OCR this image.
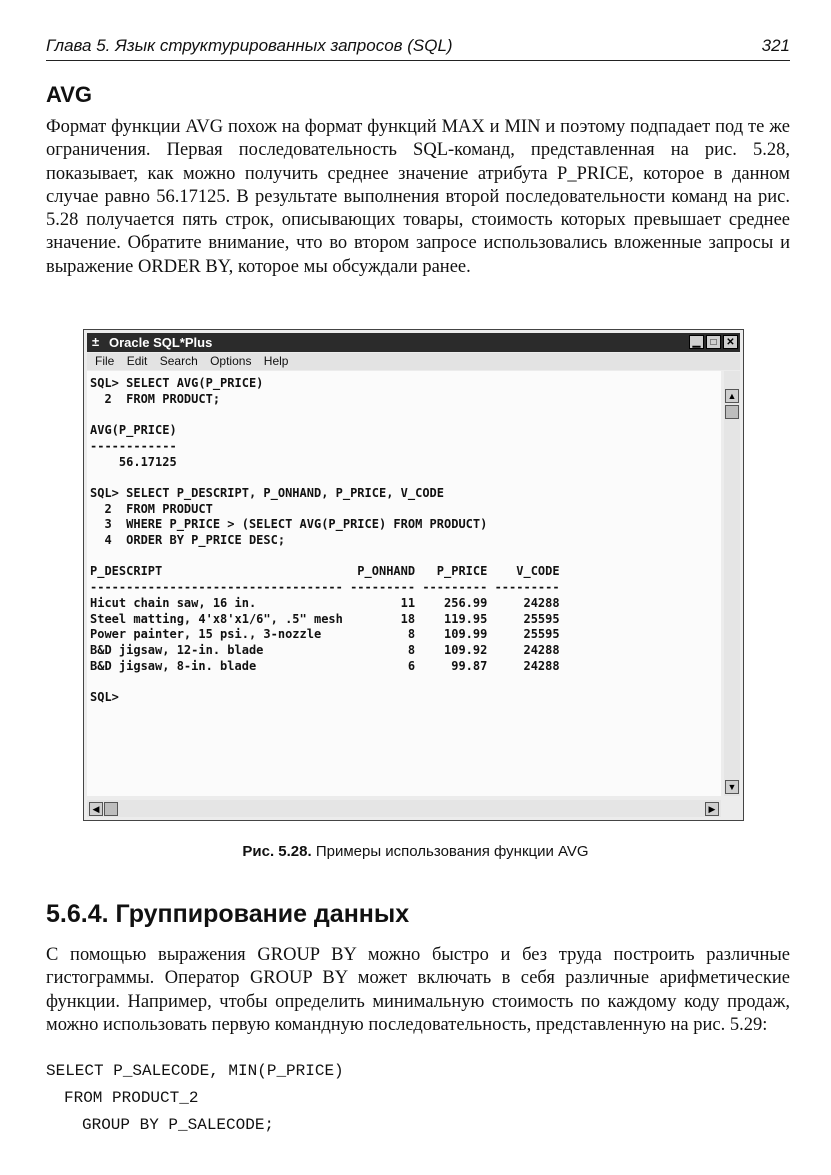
Глава 5. Язык структурированных запросов (SQL)	321
AVG

Формат функции AVG похож на формат функций MAX и MIN и поэтому подпадает под те же ограничения. Первая последовательность SQL-команд, представленная на рис. 5.28, показывает, как можно получить среднее значение атрибута P_PRICE, которое в данном случае равно 56.17125. В результате выполнения второй последовательности команд на рис. 5.28 получается пять строк, описывающих товары, стоимость которых превышает среднее значение. Обратите внимание, что во втором запросе использовались вложенные запросы и выражение ORDER BY, которое мы обсуждали ранее.

± Oracle SQL*Plus	▁	□ ✕
File Edit Search Options Help
SQL> SELECT AVG(P_PRICE)
2  FROM PRODUCT;

AVG(P_PRICE)
------------
56.17125

SQL> SELECT P_DESCRIPT, P_ONHAND, P_PRICE, V_CODE
2  FROM PRODUCT
3  WHERE P_PRICE > (SELECT AVG(P_PRICE) FROM PRODUCT)
4  ORDER BY P_PRICE DESC;

P_DESCRIPT                           P_ONHAND   P_PRICE    V_CODE
----------------------------------- --------- --------- ---------
Hicut chain saw, 16 in.                    11    256.99     24288
Steel matting, 4'x8'x1/6", .5" mesh        18    119.95     25595
Power painter, 15 psi., 3-nozzle            8    109.99     25595
B&D jigsaw, 12-in. blade                    8    109.92     24288
B&D jigsaw, 8-in. blade                     6     99.87     24288

SQL>
▲
▼
◀	▶
Рис. 5.28. Примеры использования функции AVG
5.6.4. Группирование данных

С помощью выражения GROUP BY можно быстро и без труда построить различные гистограммы. Оператор GROUP BY может включать в себя различные арифметические функции. Например, чтобы определить минимальную стоимость по каждому коду продаж, можно использовать первую командную последовательность, представленную на рис. 5.29:

SELECT P_SALECODE, MIN(P_PRICE)
FROM PRODUCT_2
GROUP BY P_SALECODE;
